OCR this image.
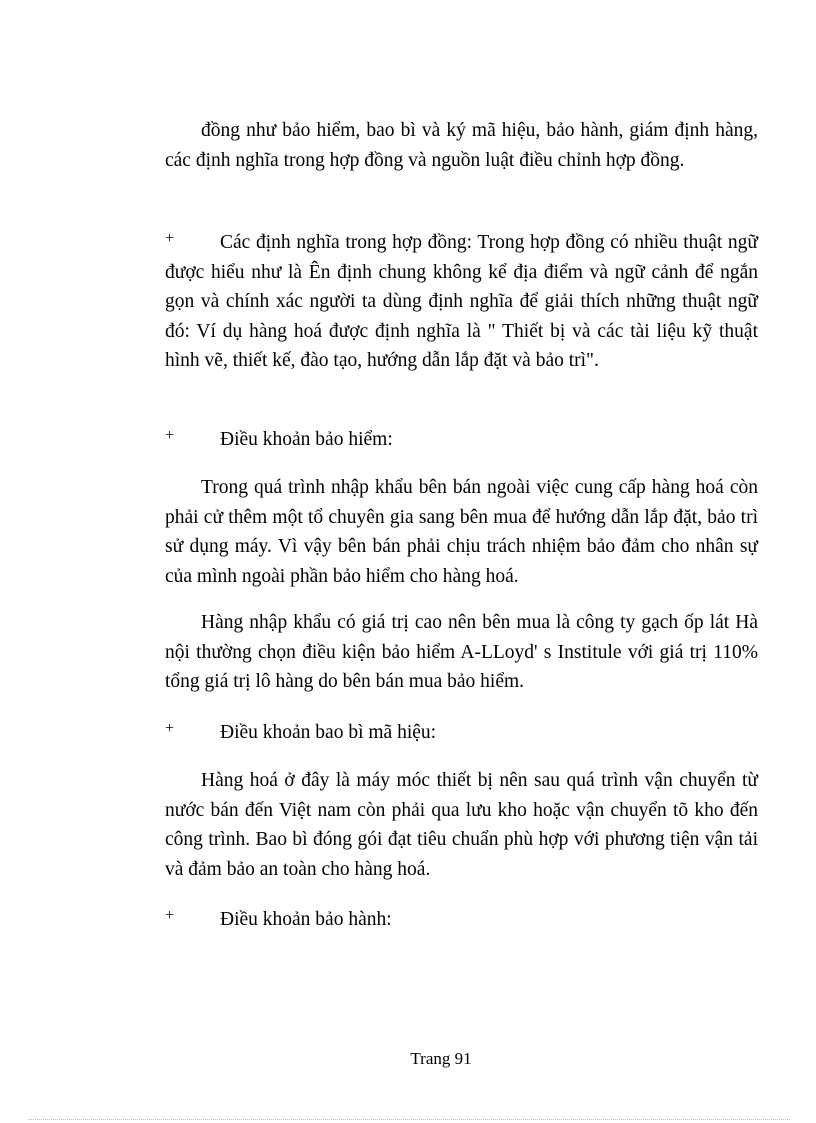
đồng như bảo hiểm, bao bì và ký mã hiệu, bảo hành, giám định hàng, các định nghĩa trong hợp đồng và nguồn luật điều chỉnh hợp đồng.

+	Các định nghĩa trong hợp đồng: Trong hợp đồng có nhiều thuật ngữ được hiểu như là Ên định chung không kể địa điểm và ngữ cảnh để ngắn gọn và chính xác người ta dùng định nghĩa để giải thích những thuật ngữ đó: Ví dụ hàng hoá được định nghĩa là " Thiết bị và các tài liệu kỹ thuật hình vẽ, thiết kế, đào tạo, hướng dẫn lắp đặt và bảo trì".
+ Điều khoản bảo hiểm:

Trong quá trình nhập khẩu bên bán ngoài việc cung cấp hàng hoá còn phải cử thêm một tổ chuyên gia sang bên mua để hướng dẫn lắp đặt, bảo trì sử dụng máy. Vì vậy bên bán phải chịu trách nhiệm bảo đảm cho nhân sự của mình ngoài phần bảo hiểm cho hàng hoá.

Hàng nhập khẩu có giá trị cao nên bên mua là công ty gạch ốp lát Hà nội thường chọn điều kiện bảo hiểm A-LLoyd' s Institule với giá trị 110% tổng giá trị lô hàng do bên bán mua bảo hiểm.

+ Điều khoản bao bì mã hiệu:

Hàng hoá ở đây là máy móc thiết bị nên sau quá trình vận chuyển từ nước bán đến Việt nam còn phải qua lưu kho hoặc vận chuyển tõ kho đến công trình. Bao bì đóng gói đạt tiêu chuẩn phù hợp với phương tiện vận tải và đảm bảo an toàn cho hàng hoá.

+ Điều khoản bảo hành:
Trang 91
